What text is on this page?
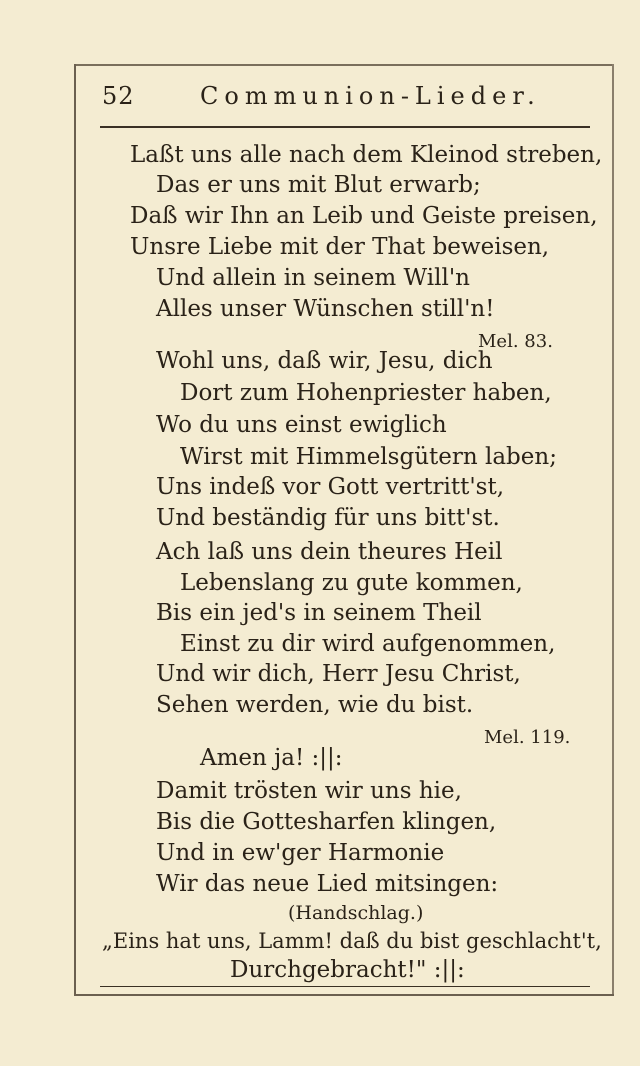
52	Communion-Lieder.
Laßt uns alle nach dem Kleinod streben,
Das er uns mit Blut erwarb;
Daß wir Ihn an Leib und Geiste preisen,
Unsre Liebe mit der That beweisen,
Und allein in seinem Will'n
Alles unser Wünschen still'n!
Mel. 83.
Wohl uns, daß wir, Jesu, dich
Dort zum Hohenpriester haben,
Wo du uns einst ewiglich
Wirst mit Himmelsgütern laben;
Uns indeß vor Gott vertritt'st,
Und beständig für uns bitt'st.
Ach laß uns dein theures Heil
Lebenslang zu gute kommen,
Bis ein jed's in seinem Theil
Einst zu dir wird aufgenommen,
Und wir dich, Herr Jesu Christ,
Sehen werden, wie du bist.
Mel. 119.
Amen ja! :||:
Damit trösten wir uns hie,
Bis die Gottesharfen klingen,
Und in ew'ger Harmonie
Wir das neue Lied mitsingen:
(Handschlag.)
„Eins hat uns, Lamm! daß du bist geschlacht't,
Durchgebracht!" :||:
